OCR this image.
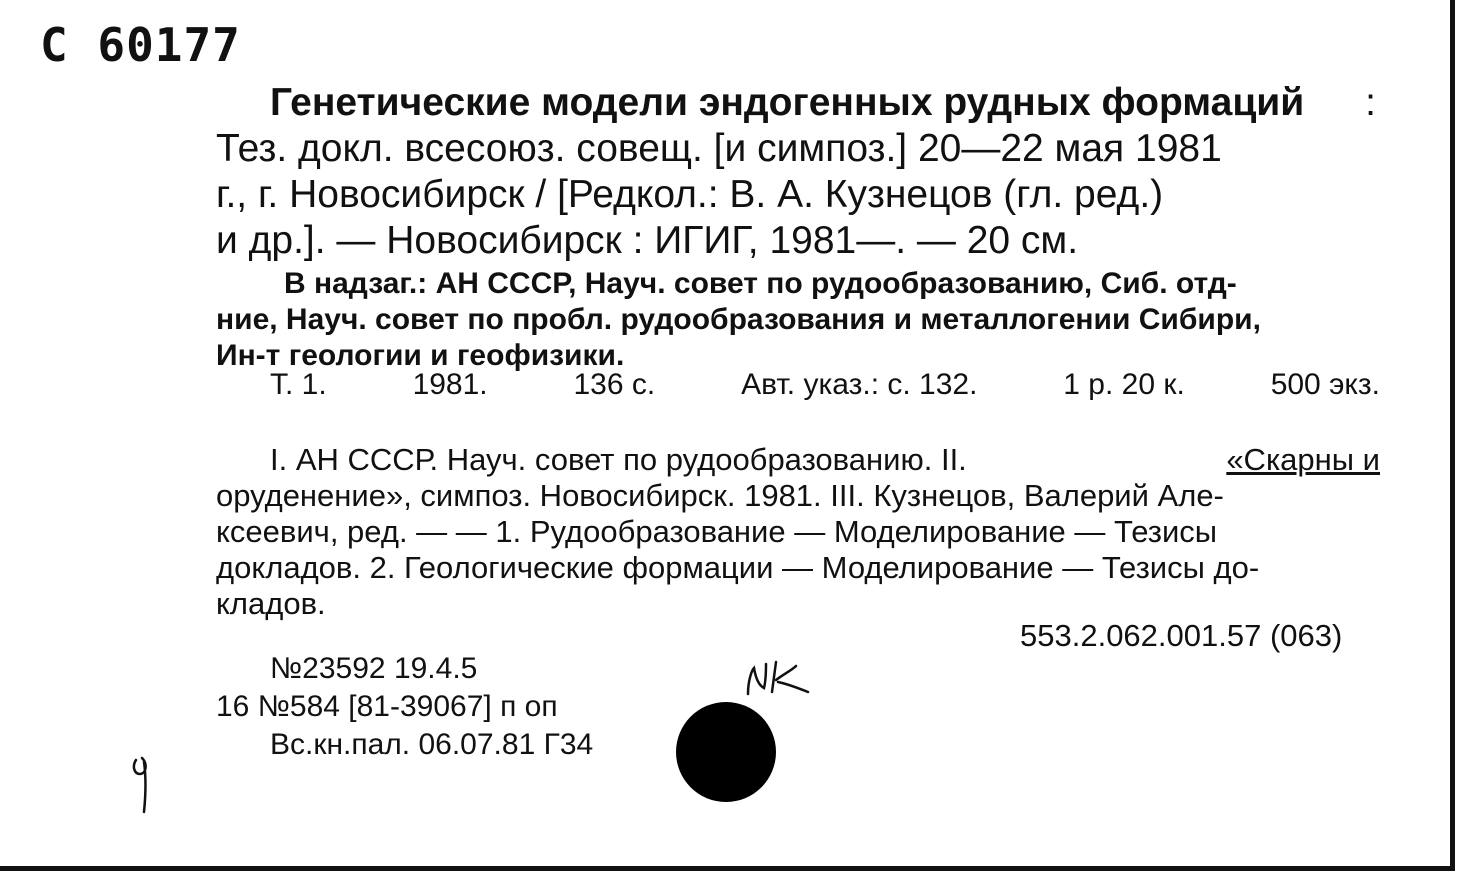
С 60177
Генетические модели эндогенных рудных формаций :
Тез. докл. всесоюз. совещ. [и симпоз.] 20—22 мая 1981
г., г. Новосибирск / [Редкол.: В. А. Кузнецов (гл. ред.)
и др.]. — Новосибирск : ИГИГ, 1981—. — 20 см.
В надзаг.: АН СССР, Науч. совет по рудообразованию, Сиб. отд-
ние, Науч. совет по пробл. рудообразования и металлогении Сибири,
Ин-т геологии и геофизики.
Т. 1.	1981.	136 с.	Авт. указ.: с. 132.	1 р. 20 к.	500 экз.
I. АН СССР. Науч. совет по рудообразованию. II.	«Скарны и
оруденение», симпоз. Новосибирск. 1981. III. Кузнецов, Валерий Але-
ксеевич, ред. — — 1. Рудообразование — Моделирование — Тезисы
докладов. 2. Геологические формации — Моделирование — Тезисы до-
кладов.
553.2.062.001.57 (063)
№23592 19.4.5
16 №584 [81-39067] п оп
Вс.кн.пал. 06.07.81 Г34
